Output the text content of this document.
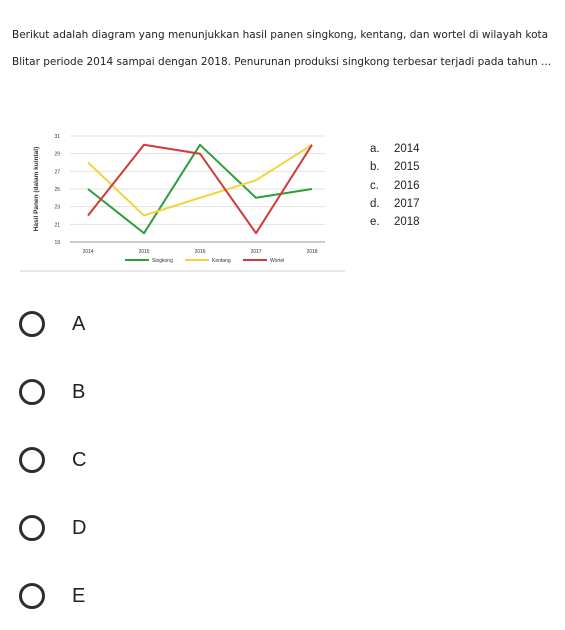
Berikut adalah diagram yang menunjukkan hasil panen singkong, kentang, dan wortel di wilayah kota Blitar periode 2014 sampai dengan 2018. Penurunan produksi singkong terbesar terjadi pada tahun ...
19
21
23
25
27
29
31
2014	2015	2016	2017	2018
Hasil Panen (dalam kuintal)
Singkong	Kentang	Wortel
a.	2014
b.	2015
c.	2016
d.	2017
e.	2018
A
B
C
D
E
